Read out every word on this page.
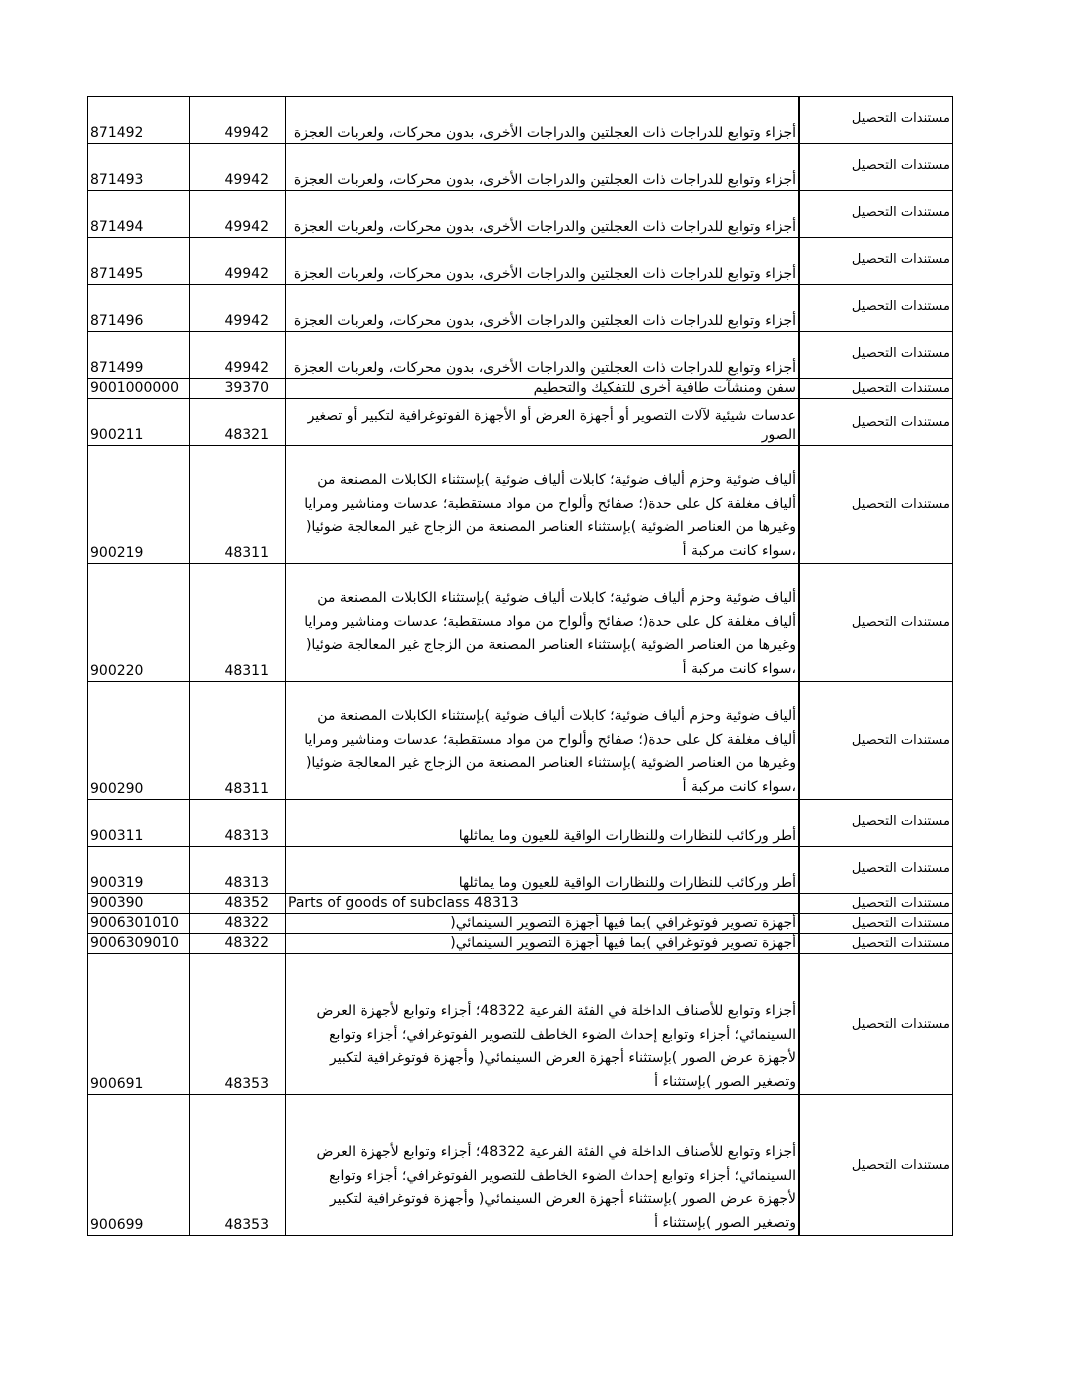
871492	49942	أجزاء وتوابع للدراجات ذات العجلتين والدراجات الأخرى، بدون محركات، ولعربات العجزة	مستندات التحصيل
871493	49942	أجزاء وتوابع للدراجات ذات العجلتين والدراجات الأخرى، بدون محركات، ولعربات العجزة	مستندات التحصيل
871494	49942	أجزاء وتوابع للدراجات ذات العجلتين والدراجات الأخرى، بدون محركات، ولعربات العجزة	مستندات التحصيل
871495	49942	أجزاء وتوابع للدراجات ذات العجلتين والدراجات الأخرى، بدون محركات، ولعربات العجزة	مستندات التحصيل
871496	49942	أجزاء وتوابع للدراجات ذات العجلتين والدراجات الأخرى، بدون محركات، ولعربات العجزة	مستندات التحصيل
871499	49942	أجزاء وتوابع للدراجات ذات العجلتين والدراجات الأخرى، بدون محركات، ولعربات العجزة	مستندات التحصيل
9001000000	39370	سفن ومنشآت طافية أخرى للتفكيك والتحطيم	مستندات التحصيل
900211	48321	عدسات شيئية لآلات التصوير أو أجهزة العرض أو الأجهزة الفوتوغرافية لتكبير أو تصغير الصور	مستندات التحصيل
900219	48311	ألياف ضوئية وحزم ألياف ضوئية؛ كابلات ألياف ضوئية )بإستثناء الكابلات المصنعة من ألياف مغلفة كل على حدة(؛ صفائح وألواح من مواد مستقطبة؛ عدسات ومناشير ومرايا وغيرها من العناصر الضوئية )بإستثناء العناصر المصنعة من الزجاج غير المعالجة ضوئيا( ،سواء كانت مركبة أ	مستندات التحصيل
900220	48311	ألياف ضوئية وحزم ألياف ضوئية؛ كابلات ألياف ضوئية )بإستثناء الكابلات المصنعة من ألياف مغلفة كل على حدة(؛ صفائح وألواح من مواد مستقطبة؛ عدسات ومناشير ومرايا وغيرها من العناصر الضوئية )بإستثناء العناصر المصنعة من الزجاج غير المعالجة ضوئيا( ،سواء كانت مركبة أ	مستندات التحصيل
900290	48311	ألياف ضوئية وحزم ألياف ضوئية؛ كابلات ألياف ضوئية )بإستثناء الكابلات المصنعة من ألياف مغلفة كل على حدة(؛ صفائح وألواح من مواد مستقطبة؛ عدسات ومناشير ومرايا وغيرها من العناصر الضوئية )بإستثناء العناصر المصنعة من الزجاج غير المعالجة ضوئيا( ،سواء كانت مركبة أ	مستندات التحصيل
900311	48313	أطر وركائب للنظارات وللنظارات الواقية للعيون وما يماثلها	مستندات التحصيل
900319	48313	أطر وركائب للنظارات وللنظارات الواقية للعيون وما يماثلها	مستندات التحصيل
900390	48352	Parts of goods of subclass 48313	مستندات التحصيل
9006301010	48322	أجهزة تصوير فوتوغرافي )بما فيها أجهزة التصوير السينمائي(	مستندات التحصيل
9006309010	48322	أجهزة تصوير فوتوغرافي )بما فيها أجهزة التصوير السينمائي(	مستندات التحصيل
900691	48353	أجزاء وتوابع للأصناف الداخلة في الفئة الفرعية 48322؛ أجزاء وتوابع لأجهزة العرض السينمائي؛ أجزاء وتوابع إحداث الضوء الخاطف للتصوير الفوتوغرافي؛ أجزاء وتوابع لأجهزة عرض الصور )بإستثناء أجهزة العرض السينمائي( وأجهزة فوتوغرافية لتكبير وتصغير الصور )بإستثناء أ	مستندات التحصيل
900699	48353	أجزاء وتوابع للأصناف الداخلة في الفئة الفرعية 48322؛ أجزاء وتوابع لأجهزة العرض السينمائي؛ أجزاء وتوابع إحداث الضوء الخاطف للتصوير الفوتوغرافي؛ أجزاء وتوابع لأجهزة عرض الصور )بإستثناء أجهزة العرض السينمائي( وأجهزة فوتوغرافية لتكبير وتصغير الصور )بإستثناء أ	مستندات التحصيل
